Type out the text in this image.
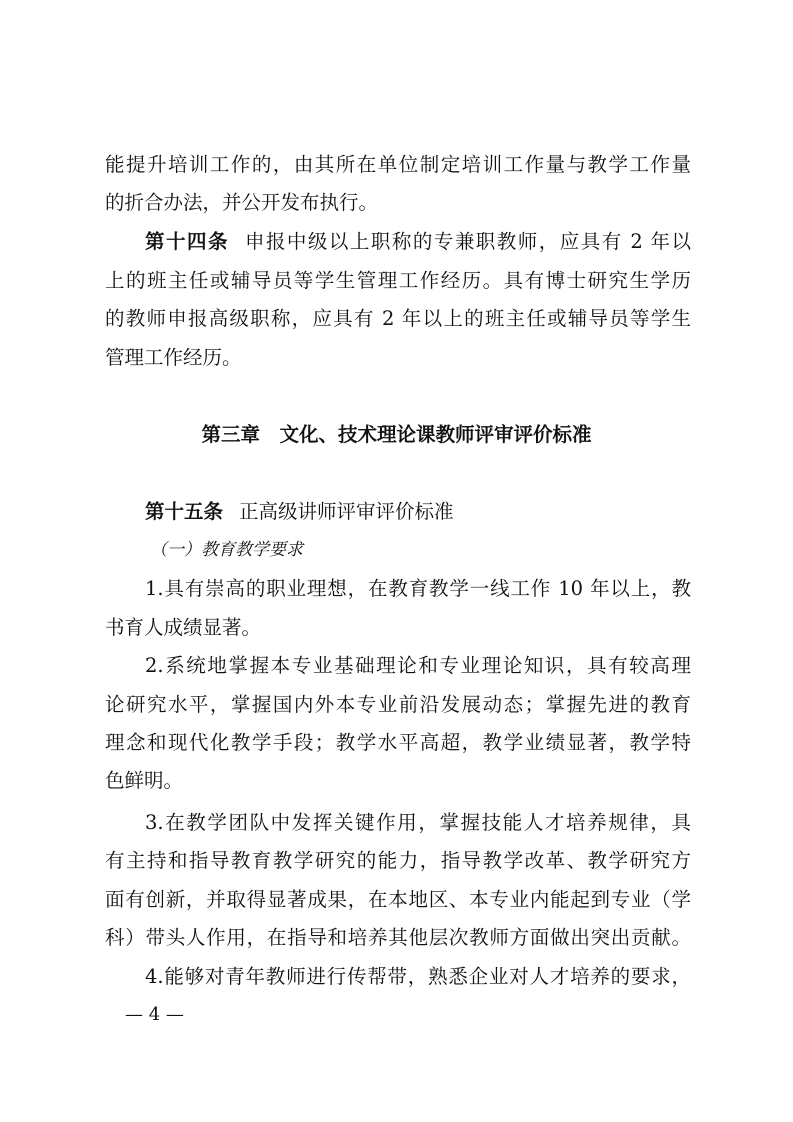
能提升培训工作的，由其所在单位制定培训工作量与教学工作量
的折合办法，并公开发布执行。
第十四条 申报中级以上职称的专兼职教师，应具有 2 年以
上的班主任或辅导员等学生管理工作经历。具有博士研究生学历
的教师申报高级职称，应具有 2 年以上的班主任或辅导员等学生
管理工作经历。
第三章　文化、技术理论课教师评审评价标准
第十五条 正高级讲师评审评价标准
（一）教育教学要求
1.具有崇高的职业理想，在教育教学一线工作 10 年以上，教
书育人成绩显著。
2.系统地掌握本专业基础理论和专业理论知识，具有较高理
论研究水平，掌握国内外本专业前沿发展动态；掌握先进的教育
理念和现代化教学手段；教学水平高超，教学业绩显著，教学特
色鲜明。
3.在教学团队中发挥关键作用，掌握技能人才培养规律，具
有主持和指导教育教学研究的能力，指导教学改革、教学研究方
面有创新，并取得显著成果，在本地区、本专业内能起到专业（学
科）带头人作用，在指导和培养其他层次教师方面做出突出贡献。
4.能够对青年教师进行传帮带，熟悉企业对人才培养的要求，
— 4 —
